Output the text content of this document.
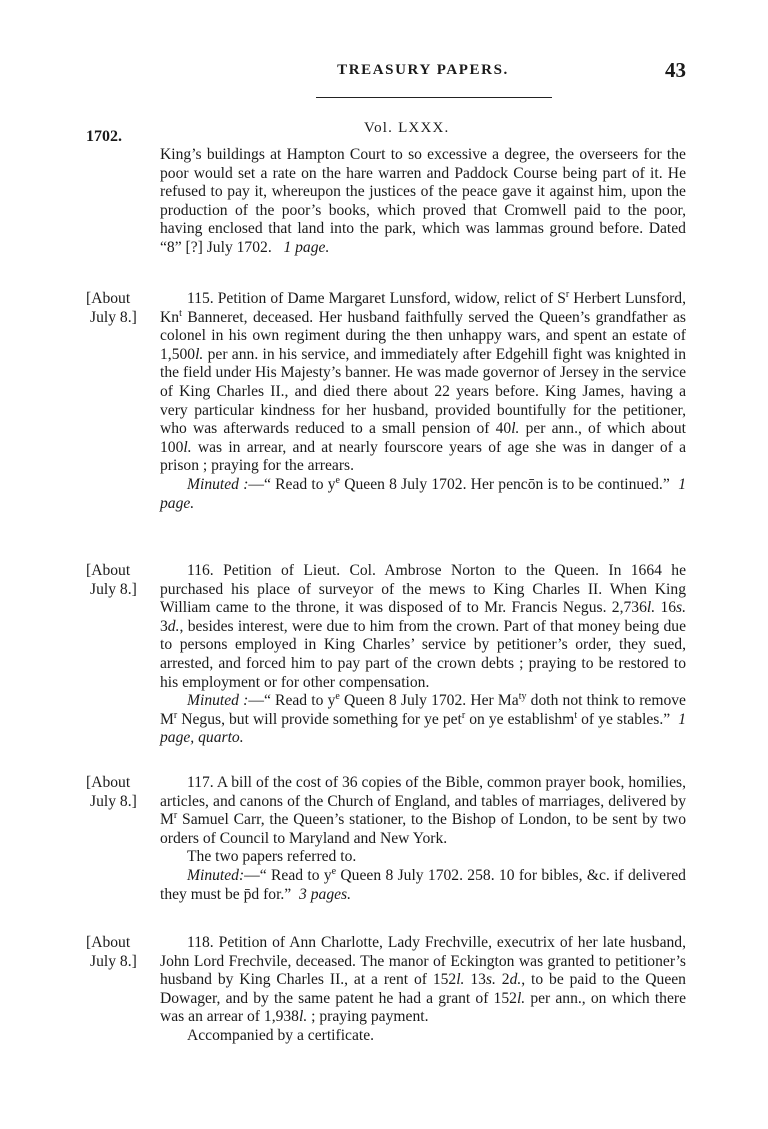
​
TREASURY PAPERS.	43
Vol. LXXX.
1702.

King’s buildings at Hampton Court to so excessive a degree, the overseers for the poor would set a rate on the hare warren and Paddock Course being part of it. He refused to pay it, whereupon the justices of the peace gave it against him, upon the production of the poor’s books, which proved that Cromwell paid to the poor, having enclosed that land into the park, which was lammas ground before. Dated “8” [?] July 1702. 1 page.

[About
July 8.]

115. Petition of Dame Margaret Lunsford, widow, relict of $S^r$ Herbert Lunsford, Kn$^t$ Banneret, deceased. Her husband faithfully served the Queen’s grandfather as colonel in his own regiment during the then unhappy wars, and spent an estate of 1,500l. per ann. in his service, and immediately after Edgehill fight was knighted in the field under His Majesty’s banner. He was made governor of Jersey in the service of King Charles II., and died there about 22 years before. King James, having a very particular kindness for her husband, provided bountifully for the petitioner, who was afterwards reduced to a small pension of 40l. per ann., of which about 100l. was in arrear, and at nearly fourscore years of age she was in danger of a prison ; praying for the arrears.

Minuted :—“ Read to $y^e$ Queen 8 July 1702. Her pencōn is to be continued.” 1 page.

[About
July 8.]

116. Petition of Lieut. Col. Ambrose Norton to the Queen. In 1664 he purchased his place of surveyor of the mews to King Charles II. When King William came to the throne, it was disposed of to Mr. Francis Negus. 2,736l. 16s. 3d., besides interest, were due to him from the crown. Part of that money being due to persons employed in King Charles’ service by petitioner’s order, they sued, arrested, and forced him to pay part of the crown debts ; praying to be restored to his employment or for other compensation.

Minuted :—“ Read to $y^e$ Queen 8 July 1702. Her $Ma^{ty}$ doth not think to remove $M^r$ Negus, but will provide something for ye pet$^r$ on ye establishm$^t$ of ye stables.” 1 page, quarto.

[About
July 8.]

117. A bill of the cost of 36 copies of the Bible, common prayer book, homilies, articles, and canons of the Church of England, and tables of marriages, delivered by $M^r$ Samuel Carr, the Queen’s stationer, to the Bishop of London, to be sent by two orders of Council to Maryland and New York.

The two papers referred to.

Minuted:—“ Read to $y^e$ Queen 8 July 1702. 258. 10 for bibles, &c. if delivered they must be p̄d for.” 3 pages.

[About
July 8.]

118. Petition of Ann Charlotte, Lady Frechville, executrix of her late husband, John Lord Frechvile, deceased. The manor of Eckington was granted to petitioner’s husband by King Charles II., at a rent of 152l. 13s. 2d., to be paid to the Queen Dowager, and by the same patent he had a grant of 152l. per ann., on which there was an arrear of 1,938l. ; praying payment.

Accompanied by a certificate.
